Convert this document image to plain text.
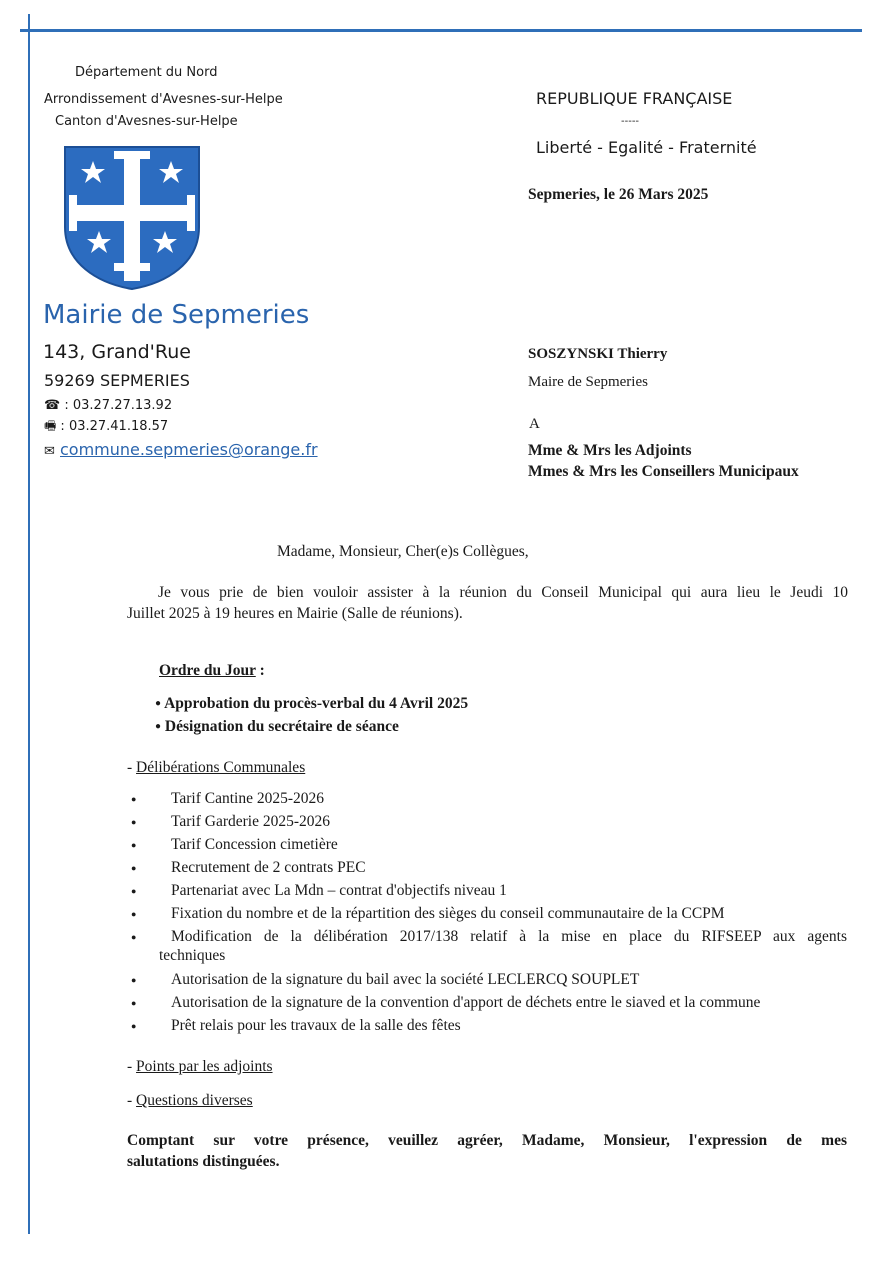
Département du Nord
Arrondissement d'Avesnes-sur-Helpe
Canton d'Avesnes-sur-Helpe
Mairie de Sepmeries
143, Grand'Rue
59269 SEPMERIES
☎ : 03.27.27.13.92
🖷 : 03.27.41.18.57
✉ commune.sepmeries@orange.fr
REPUBLIQUE FRANÇAISE
-----
Liberté - Egalité - Fraternité
Sepmeries, le 26 Mars 2025
SOSZYNSKI Thierry
Maire de Sepmeries
A
Mme & Mrs les Adjoints
Mmes & Mrs les Conseillers Municipaux
Madame, Monsieur, Cher(e)s Collègues,
Je vous prie de bien vouloir assister à la réunion du Conseil Municipal qui aura lieu le Jeudi 10
Juillet 2025 à 19 heures en Mairie (Salle de réunions).
Ordre du Jour :
● Approbation du procès-verbal du 4 Avril 2025
● Désignation du secrétaire de séance
- Délibérations Communales
● Tarif Cantine 2025-2026
● Tarif Garderie 2025-2026
● Tarif Concession cimetière
● Recrutement de 2 contrats PEC
● Partenariat avec La Mdn – contrat d'objectifs niveau 1
● Fixation du nombre et de la répartition des sièges du conseil communautaire de la CCPM
● Modification de la délibération 2017/138 relatif à la mise en place du RIFSEEP aux agents
techniques
● Autorisation de la signature du bail avec la société LECLERCQ SOUPLET
● Autorisation de la signature de la convention d'apport de déchets entre le siaved et la commune
● Prêt relais pour les travaux de la salle des fêtes
- Points par les adjoints
- Questions diverses
Comptant sur votre présence, veuillez agréer, Madame, Monsieur, l'expression de mes
salutations distinguées.
